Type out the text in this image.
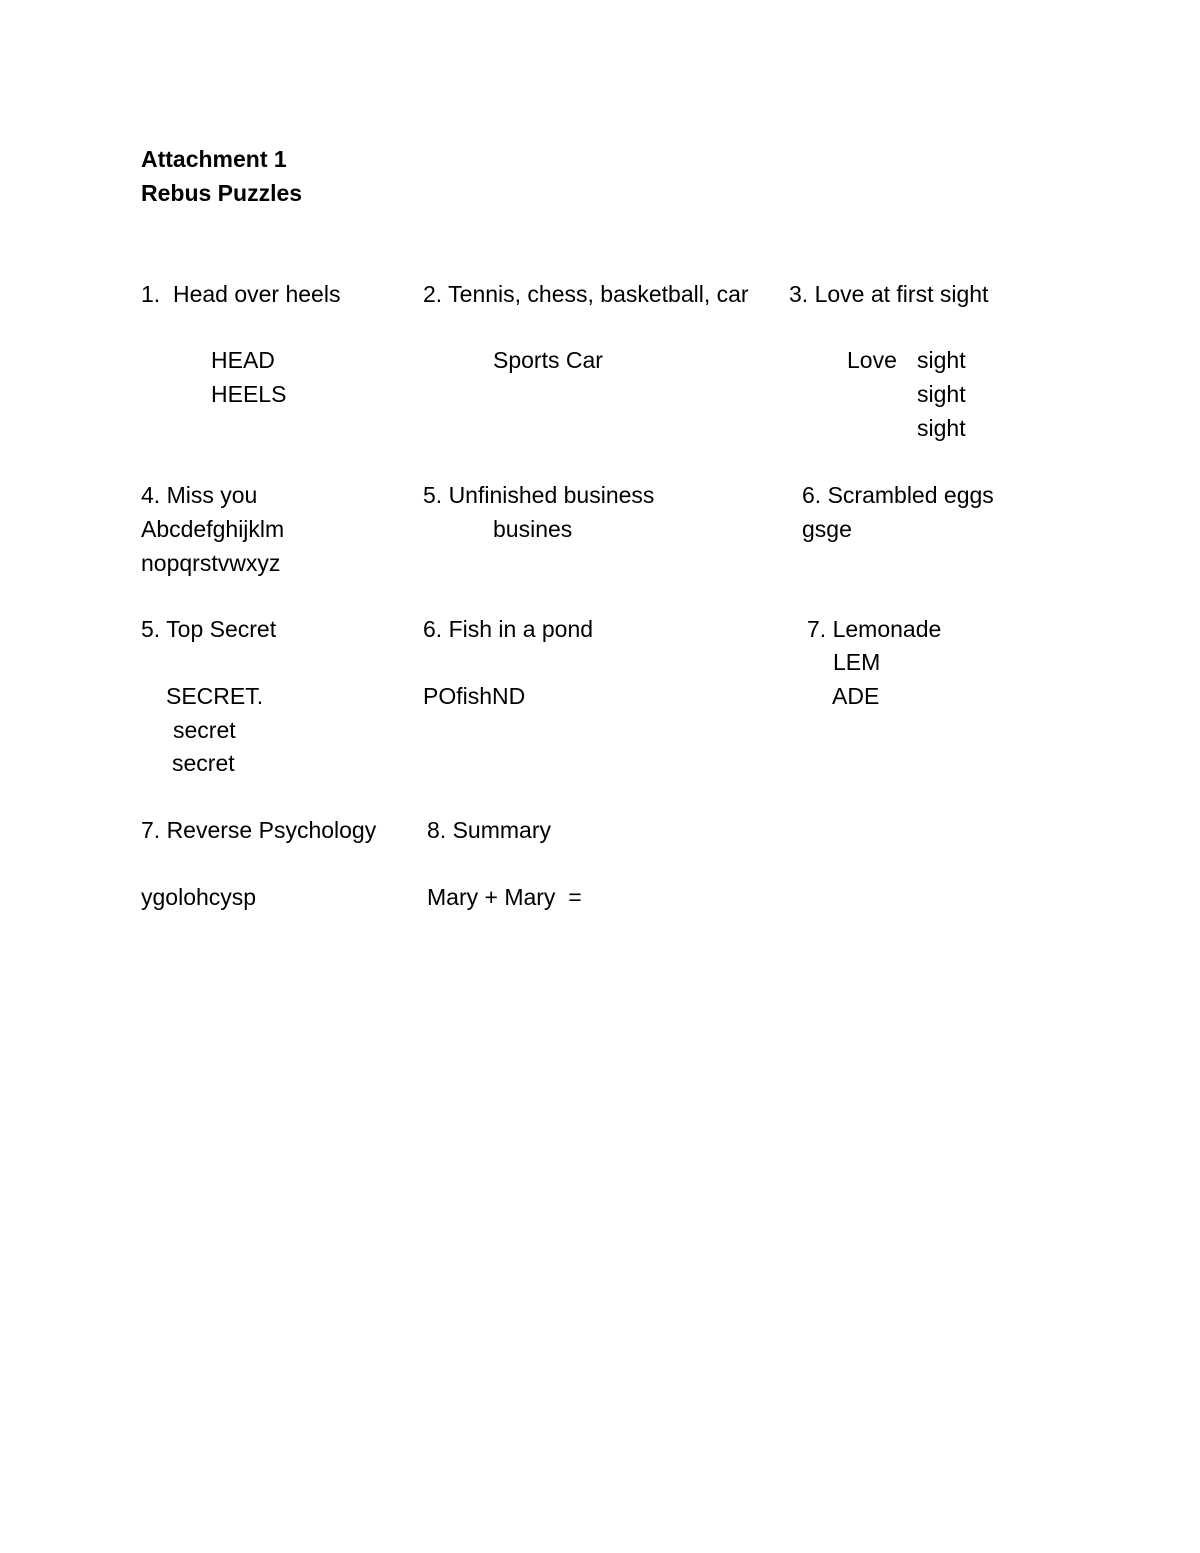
Attachment 1
Rebus Puzzles
1.  Head over heels
HEAD
HEELS
2. Tennis, chess, basketball, car
Sports Car
3. Love at first sight
Love sight
sight
sight
4. Miss you
Abcdefghijklm
nopqrstvwxyz
5. Unfinished business
busines
6. Scrambled eggs
gsge
5. Top Secret
SECRET.
secret
secret
6. Fish in a pond
POfishND
7. Lemonade
LEM
ADE
7. Reverse Psychology
ygolohcysp
8. Summary
Mary + Mary  =
